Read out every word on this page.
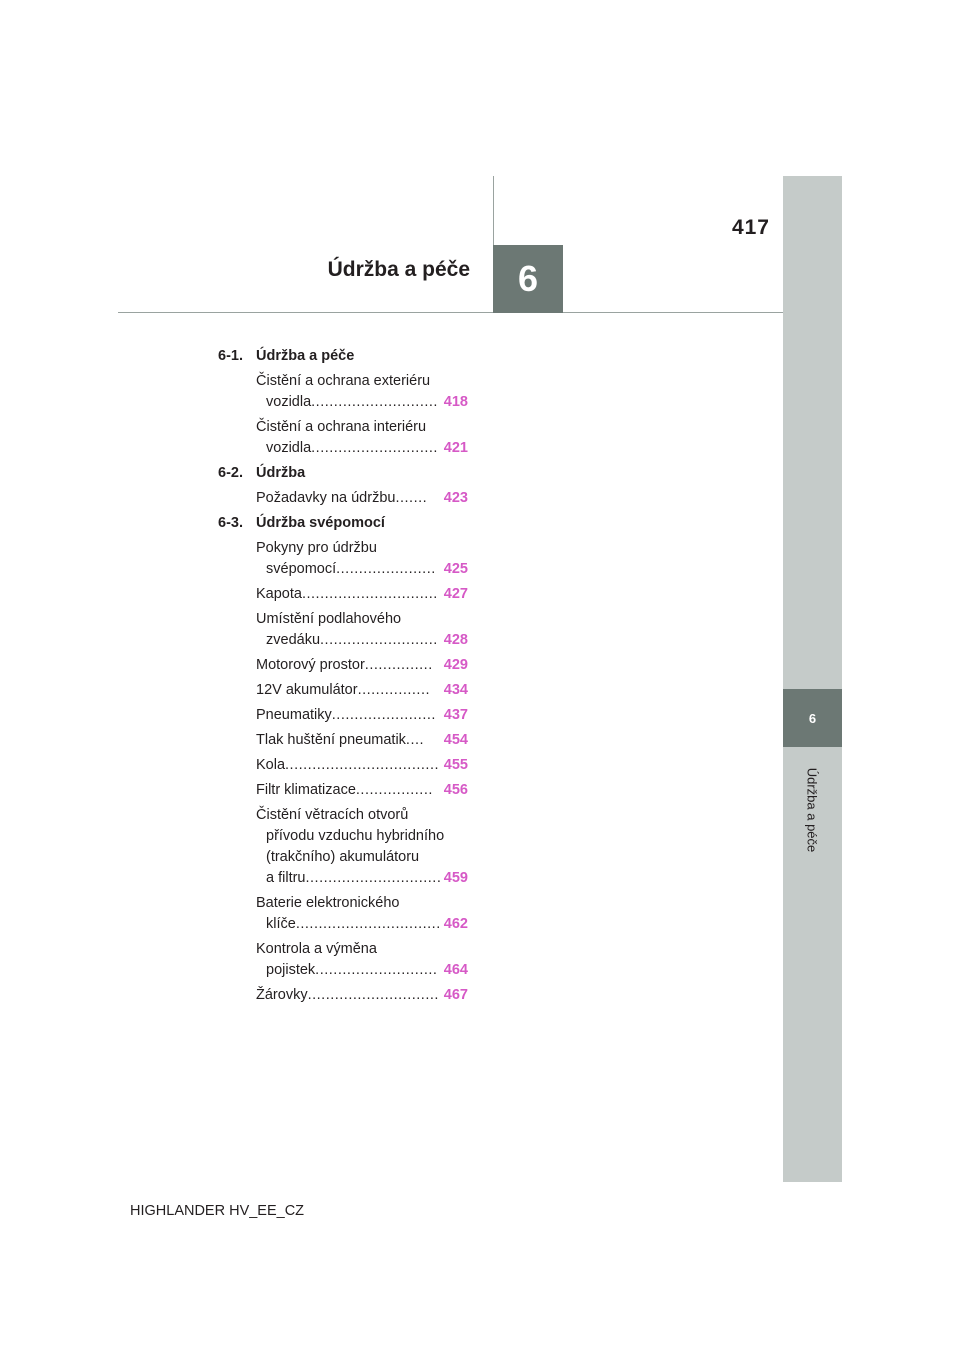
6
Údržba a péče
417
Údržba a péče	6
6-1. Údržba a péče
Čistění a ochrana exteriéru
vozidla ............................ 418
Čistění a ochrana interiéru
vozidla ............................ 421
6-2. Údržba
Požadavky na údržbu .......	423
6-3. Údržba svépomocí
Pokyny pro údržbu
svépomocí ...................... 425
Kapota .............................. 427
Umístění podlahového
zvedáku .......................... 428
Motorový prostor ............... 429
12V akumulátor ................ 434
Pneumatiky ....................... 437
Tlak huštění pneumatik ....	454
Kola .................................. 455
Filtr klimatizace ................. 456
Čistění větracích otvorů
přívodu vzduchu hybridního
(trakčního) akumulátoru
a filtru .............................. 459
Baterie elektronického
klíče ................................ 462
Kontrola a výměna
pojistek ........................... 464
Žárovky ............................. 467
HIGHLANDER HV_EE_CZ
